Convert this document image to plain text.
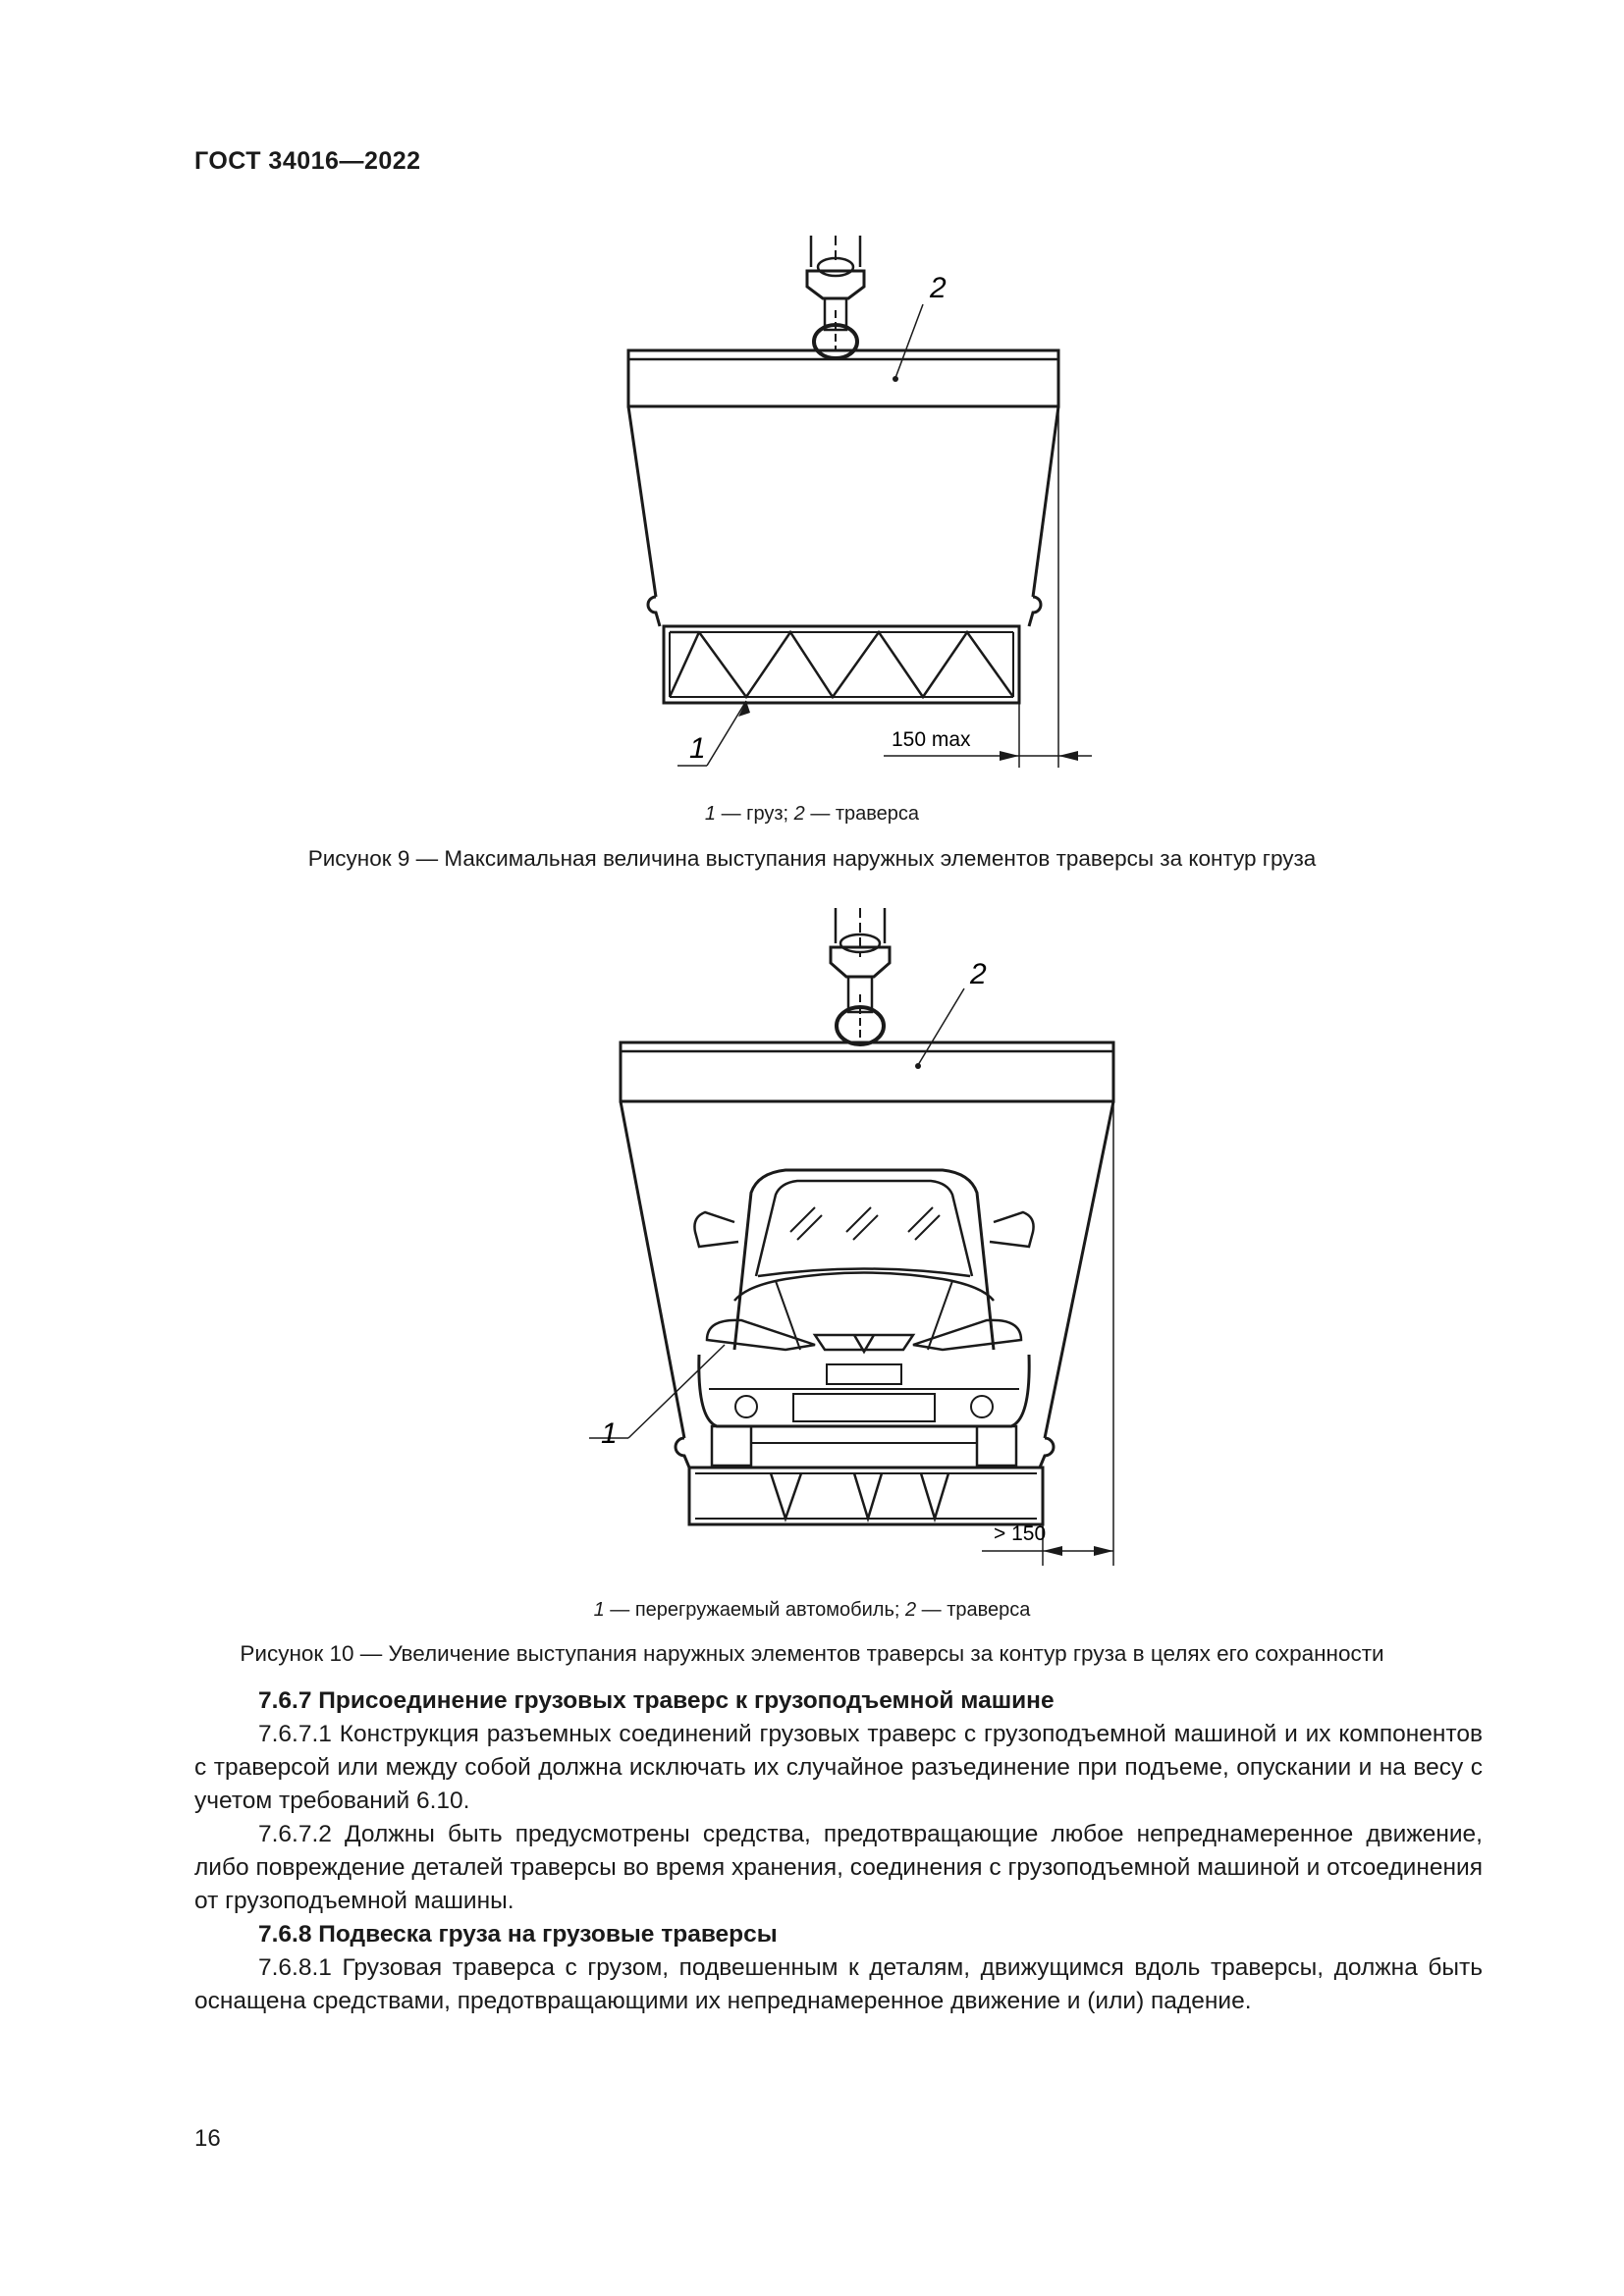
ГОСТ 34016—2022
2
1	150 max
1 — груз; 2 — траверса
Рисунок 9 — Максимальная величина выступания наружных элементов траверсы за контур груза
2
1
> 150
1 — перегружаемый автомобиль; 2 — траверса
Рисунок 10 — Увеличение выступания наружных элементов траверсы за контур груза в целях его сохранности

7.6.7 Присоединение грузовых траверс к грузоподъемной машине

7.6.7.1 Конструкция разъемных соединений грузовых траверс с грузоподъемной машиной и их компонентов с траверсой или между собой должна исключать их случайное разъединение при подъеме, опускании и на весу с учетом требований 6.10.

7.6.7.2 Должны быть предусмотрены средства, предотвращающие любое непреднамеренное движение, либо повреждение деталей траверсы во время хранения, соединения с грузоподъемной машиной и отсоединения от грузоподъемной машины.

7.6.8 Подвеска груза на грузовые траверсы

7.6.8.1 Грузовая траверса с грузом, подвешенным к деталям, движущимся вдоль траверсы, должна быть оснащена средствами, предотвращающими их непреднамеренное движение и (или) падение.

16
